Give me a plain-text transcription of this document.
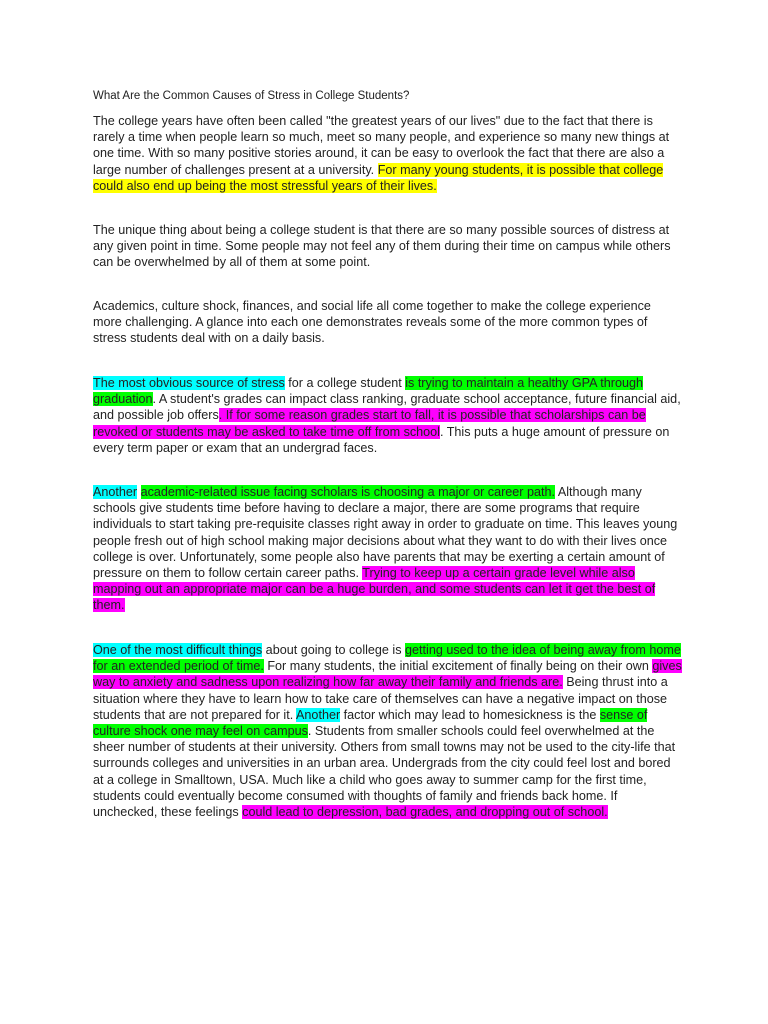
What Are the Common Causes of Stress in College Students?

The college years have often been called "the greatest years of our lives" due to the fact that there is rarely a time when people learn so much, meet so many people, and experience so many new things at one time. With so many positive stories around, it can be easy to overlook the fact that there are also a large number of challenges present at a university. For many young students, it is possible that college could also end up being the most stressful years of their lives.

The unique thing about being a college student is that there are so many possible sources of distress at any given point in time. Some people may not feel any of them during their time on campus while others can be overwhelmed by all of them at some point.

Academics, culture shock, finances, and social life all come together to make the college experience more challenging. A glance into each one demonstrates reveals some of the more common types of stress students deal with on a daily basis.

The most obvious source of stress for a college student is trying to maintain a healthy GPA through graduation. A student's grades can impact class ranking, graduate school acceptance, future financial aid, and possible job offers. If for some reason grades start to fall, it is possible that scholarships can be revoked or students may be asked to take time off from school. This puts a huge amount of pressure on every term paper or exam that an undergrad faces.

Another academic-related issue facing scholars is choosing a major or career path. Although many schools give students time before having to declare a major, there are some programs that require individuals to start taking pre-requisite classes right away in order to graduate on time. This leaves young people fresh out of high school making major decisions about what they want to do with their lives once college is over. Unfortunately, some people also have parents that may be exerting a certain amount of pressure on them to follow certain career paths. Trying to keep up a certain grade level while also mapping out an appropriate major can be a huge burden, and some students can let it get the best of them.

One of the most difficult things about going to college is getting used to the idea of being away from home for an extended period of time. For many students, the initial excitement of finally being on their own gives way to anxiety and sadness upon realizing how far away their family and friends are. Being thrust into a situation where they have to learn how to take care of themselves can have a negative impact on those students that are not prepared for it. Another factor which may lead to homesickness is the sense of culture shock one may feel on campus. Students from smaller schools could feel overwhelmed at the sheer number of students at their university. Others from small towns may not be used to the city-life that surrounds colleges and universities in an urban area. Undergrads from the city could feel lost and bored at a college in Smalltown, USA. Much like a child who goes away to summer camp for the first time, students could eventually become consumed with thoughts of family and friends back home. If unchecked, these feelings could lead to depression, bad grades, and dropping out of school.
